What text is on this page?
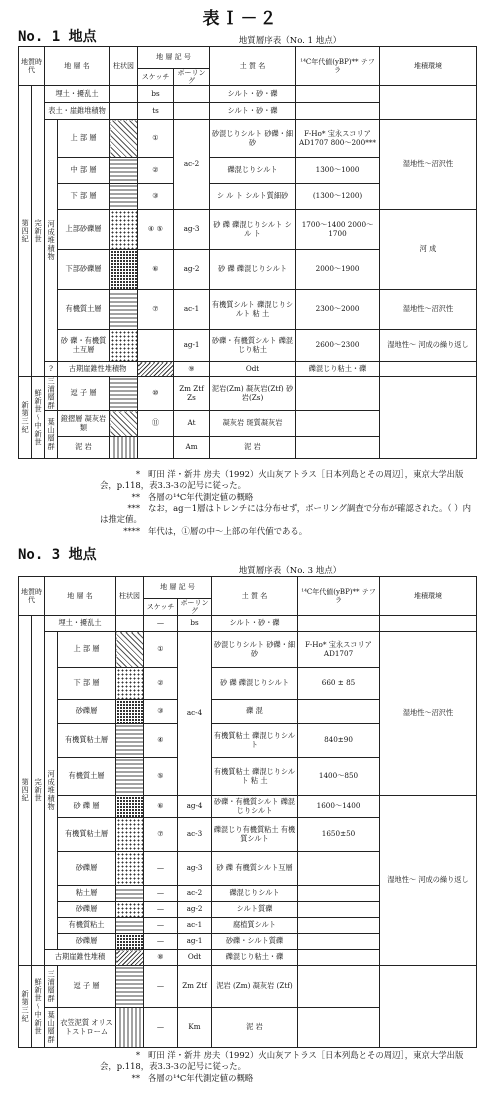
表Ｉ－２
No. 1 地点	地質層序表（No. 1 地点）
地質時代		地 層 名		柱状図	地 層 記 号		土 質 名	¹⁴C年代値(yBP)** テフラ	堆積環境	
					スケッチ	ボーリング				
第四紀	完新世	埋土・擾乱土			bs		シルト・砂・礫			
		表土・崖錐堆積物			ts		シルト・砂・礫			
		河成堆積物	上 部 層		①	ac-2	砂混じりシルト 砂礫・細砂	F-Ho* 宝永スコリア AD1707 800〜200***	湿地性〜沼沢性	
			中 部 層		②		礫混じりシルト	1300〜1000		
			下 部 層		③		シ ル ト シルト質細砂	(1300〜1200)		
			上部砂礫層		④ ⑤	ag-3	砂 礫 礫混じりシルト シ ル ト	1700〜1400 2000〜1700	河 成	
			下部砂礫層		⑥	ag-2	砂 礫 礫混じりシルト	2000〜1900		
			有機質土層		⑦	ac-1	有機質シルト 礫混じりシルト 粘 土	2300〜2000	湿地性〜沼沢性	
			砂 礫・有機質土互層			ag-1	砂礫・有機質シルト 礫混じり粘土	2600〜2300	湿地性〜 河成の繰り返し	
		?	古期崖錐性堆積物			⑨	Odt	礫混じり粘土・礫		
新第三紀	鮮新世〜中新世	三浦層群	逗 子 層		⑩	Zm Ztf Zs	泥岩(Zm) 凝灰岩(Ztf) 砂岩(Zs)			
		葉山層群	鐙摺層 凝灰岩類		⑪	At	凝灰岩 斑質凝灰岩			
			泥 岩			Am	泥 岩			
* 町田 洋・新井 房夫（1992）火山灰アトラス［日本列島とその周辺］，東京大学出版会，p.118，表3.3-3の記号に従った。
** 各層の¹⁴C年代測定値の概略
*** なお，ag－1層はトレンチには分布せず，ボーリング調査で分布が確認された。（ ）内は推定値。
**** 年代は，①層の中〜上部の年代値である。
No. 3 地点
地質層序表（No. 3 地点）
地質時代		地 層 名		柱状図	地 層 記 号		土 質 名	¹⁴C年代値(yBP)** テフラ	堆積環境
					スケッチ	ボーリング			
第四紀	完新世	埋土・擾乱土			—	bs	シルト・砂・礫		
		河成堆積物	上 部 層		①	ac-4	砂混じりシルト 砂礫・細砂	F-Ho* 宝永スコリア AD1707	湿地性〜沼沢性
			下 部 層		②		砂 礫 礫混じりシルト	660 ± 85	
			砂礫層		③		礫 混		
			有機質粘土層		④		有機質粘土 礫混じりシルト	840±90	
			有機質土層		⑤		有機質粘土 礫混じりシルト 粘 土	1400〜850	
			砂 礫 層		⑥	ag-4	砂礫・有機質シルト 礫混じりシルト	1600〜1400	湿地性〜 河成の繰り返し
			有機質粘土層		⑦	ac-3	礫混じり有機質粘土 有機質シルト	1650±50	
			砂礫層		—	ag-3	砂 礫 有機質シルト互層		
			粘土層		—	ac-2	礫混じりシルト		
			砂礫層		—	ag-2	シルト質礫		
			有機質粘土		—	ac-1	腐植質シルト		
			砂礫層		—	ag-1	砂礫・シルト質礫		
		古期崖錐性堆積			⑧	Odt	礫混じり粘土・礫		
新第三紀	鮮新世〜中新世	三浦層群	逗 子 層		—	Zm Ztf	泥岩 (Zm) 凝灰岩 (Ztf)		
		葉山層群	衣笠泥質 オリストストローム		—	Km	泥 岩		
* 町田 洋・新井 房夫（1992）火山灰アトラス［日本列島とその周辺］，東京大学出版会，p.118，表3.3-3の記号に従った。
** 各層の¹⁴C年代測定値の概略
